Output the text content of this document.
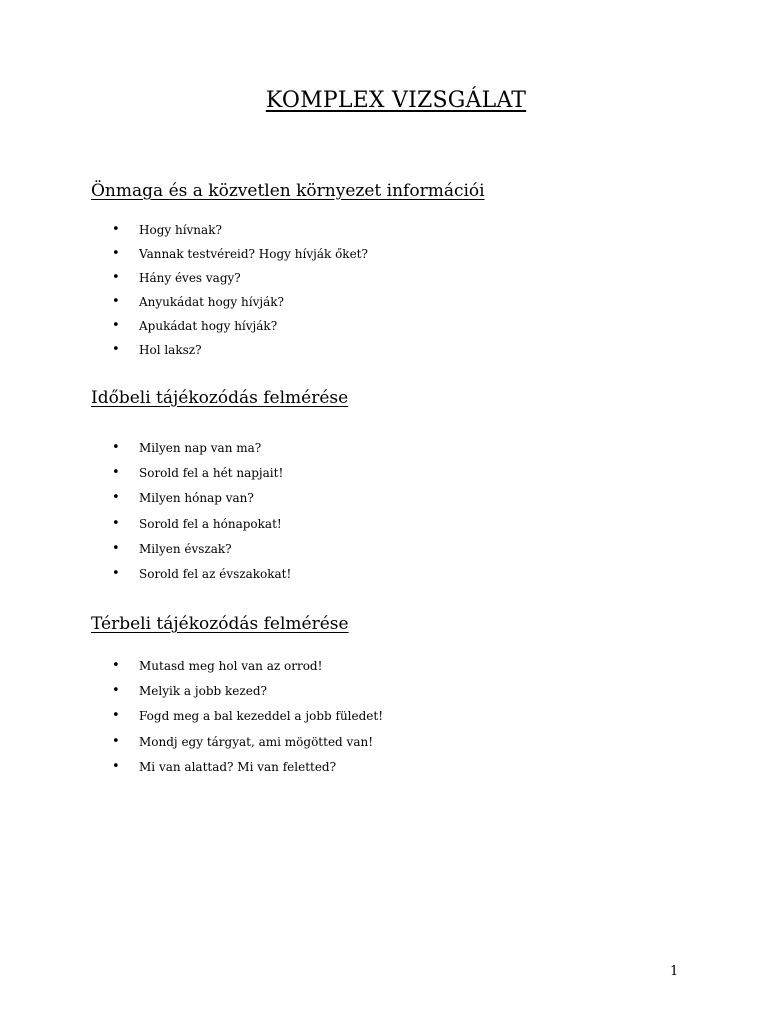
KOMPLEX VIZSGÁLAT
Önmaga és a közvetlen környezet információi
• Hogy hívnak?
• Vannak testvéreid? Hogy hívják őket?
• Hány éves vagy?
• Anyukádat hogy hívják?
• Apukádat hogy hívják?
• Hol laksz?
Időbeli tájékozódás felmérése
• Milyen nap van ma?
• Sorold fel a hét napjait!
• Milyen hónap van?
• Sorold fel a hónapokat!
• Milyen évszak?
• Sorold fel az évszakokat!
Térbeli tájékozódás felmérése
• Mutasd meg hol van az orrod!
• Melyik a jobb kezed?
• Fogd meg a bal kezeddel a jobb füledet!
• Mondj egy tárgyat, ami mögötted van!
• Mi van alattad? Mi van feletted?
1
